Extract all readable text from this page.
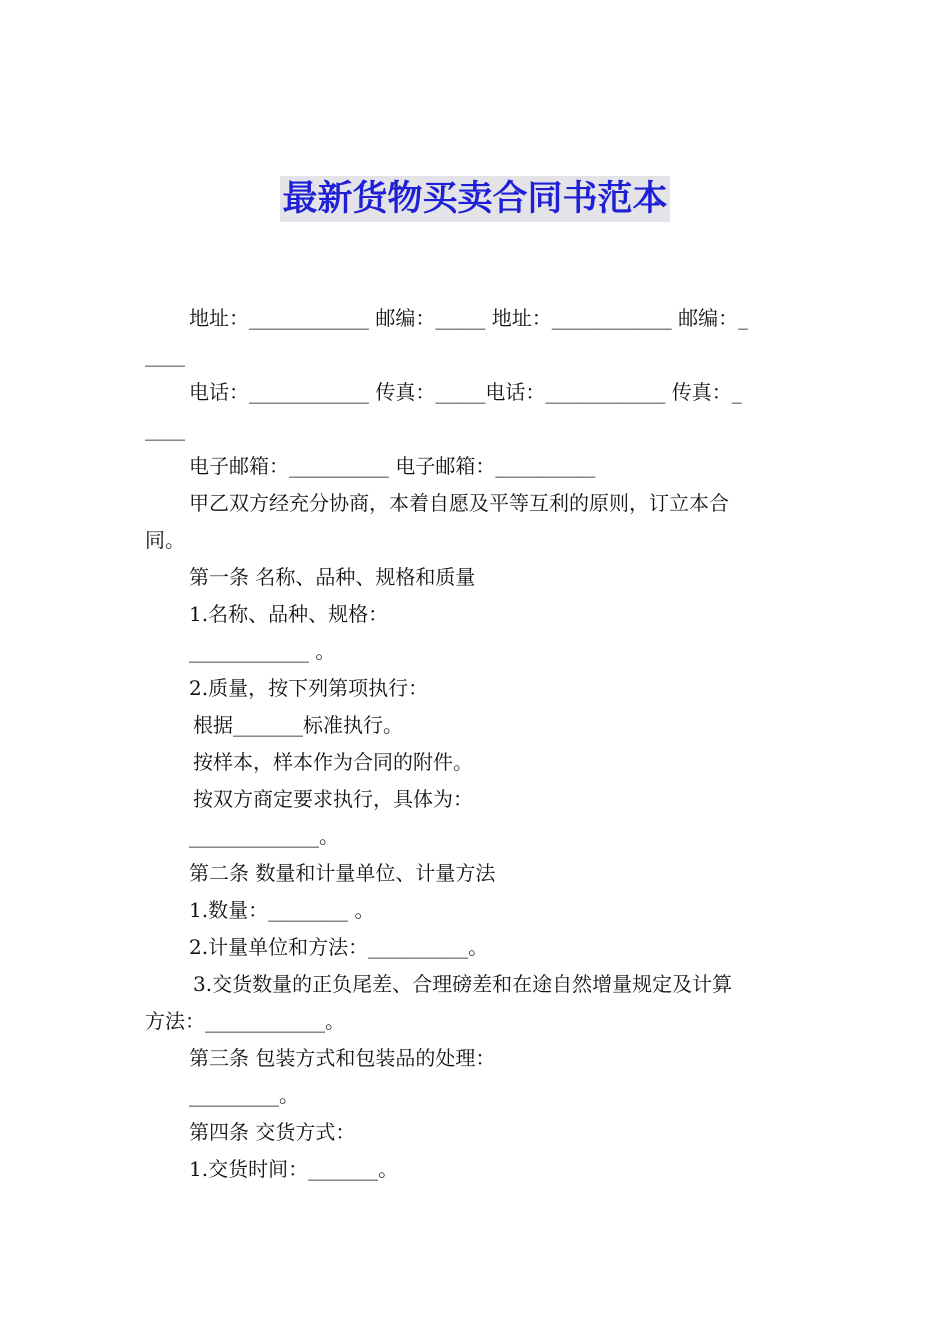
最新货物买卖合同书范本
地址：____________ 邮编：_____ 地址：____________ 邮编：_
____
电话：____________ 传真：_____电话：____________ 传真：_
____
电子邮箱：__________ 电子邮箱：__________
甲乙双方经充分协商，本着自愿及平等互利的原则，订立本合
同。
第一条 名称、品种、规格和质量
1.名称、品种、规格：
____________ 。
2.质量，按下列第项执行：
根据_______标准执行。
按样本，样本作为合同的附件。
按双方商定要求执行，具体为：
_____________。
第二条 数量和计量单位、计量方法
1.数量：________ 。
2.计量单位和方法：__________。
3.交货数量的正负尾差、合理磅差和在途自然增量规定及计算
方法：____________。
第三条 包装方式和包装品的处理：
_________。
第四条 交货方式：
1.交货时间：_______。
